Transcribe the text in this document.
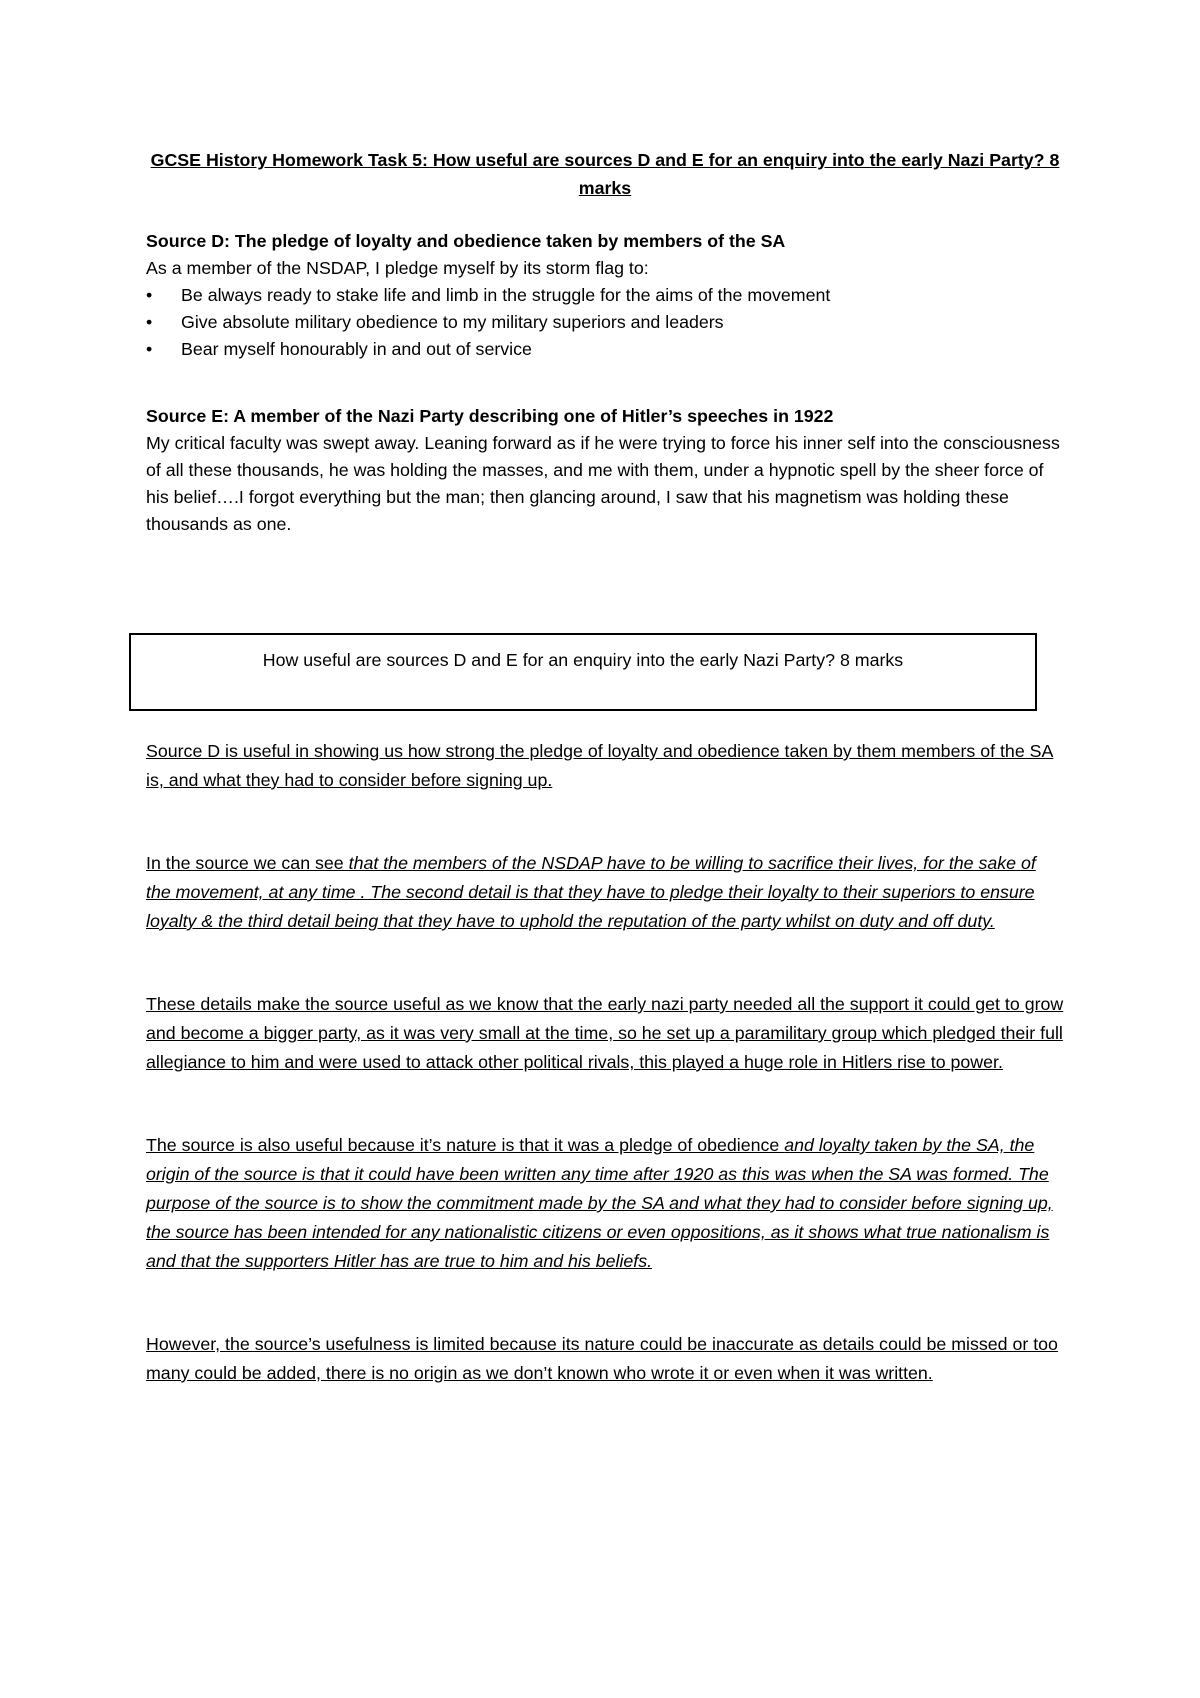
GCSE History Homework Task 5: How useful are sources D and E for an enquiry into the early Nazi Party? 8 marks

Source D: The pledge of loyalty and obedience taken by members of the SA

As a member of the NSDAP, I pledge myself by its storm flag to:

• Be always ready to stake life and limb in the struggle for the aims of the movement
• Give absolute military obedience to my military superiors and leaders
• Bear myself honourably in and out of service

Source E: A member of the Nazi Party describing one of Hitler’s speeches in 1922

My critical faculty was swept away. Leaning forward as if he were trying to force his inner self into the consciousness of all these thousands, he was holding the masses, and me with them, under a hypnotic spell by the sheer force of his belief….I forgot everything but the man; then glancing around, I saw that his magnetism was holding these thousands as one.

How useful are sources D and E for an enquiry into the early Nazi Party? 8 marks

Source D is useful in showing us how strong the pledge of loyalty and obedience taken by them members of the SA is, and what they had to consider before signing up.

In the source we can see that the members of the NSDAP have to be willing to sacrifice their lives, for the sake of the movement, at any time . The second detail is that they have to pledge their loyalty to their superiors to ensure loyalty & the third detail being that they have to uphold the reputation of the party whilst on duty and off duty.

These details make the source useful as we know that the early nazi party needed all the support it could get to grow and become a bigger party, as it was very small at the time, so he set up a paramilitary group which pledged their full allegiance to him and were used to attack other political rivals, this played a huge role in Hitlers rise to power.

The source is also useful because it’s nature is that it was a pledge of obedience and loyalty taken by the SA, the origin of the source is that it could have been written any time after 1920 as this was when the SA was formed. The purpose of the source is to show the commitment made by the SA and what they had to consider before signing up, the source has been intended for any nationalistic citizens or even oppositions, as it shows what true nationalism is and that the supporters Hitler has are true to him and his beliefs.

However, the source’s usefulness is limited because its nature could be inaccurate as details could be missed or too many could be added, there is no origin as we don’t known who wrote it or even when it was written.
